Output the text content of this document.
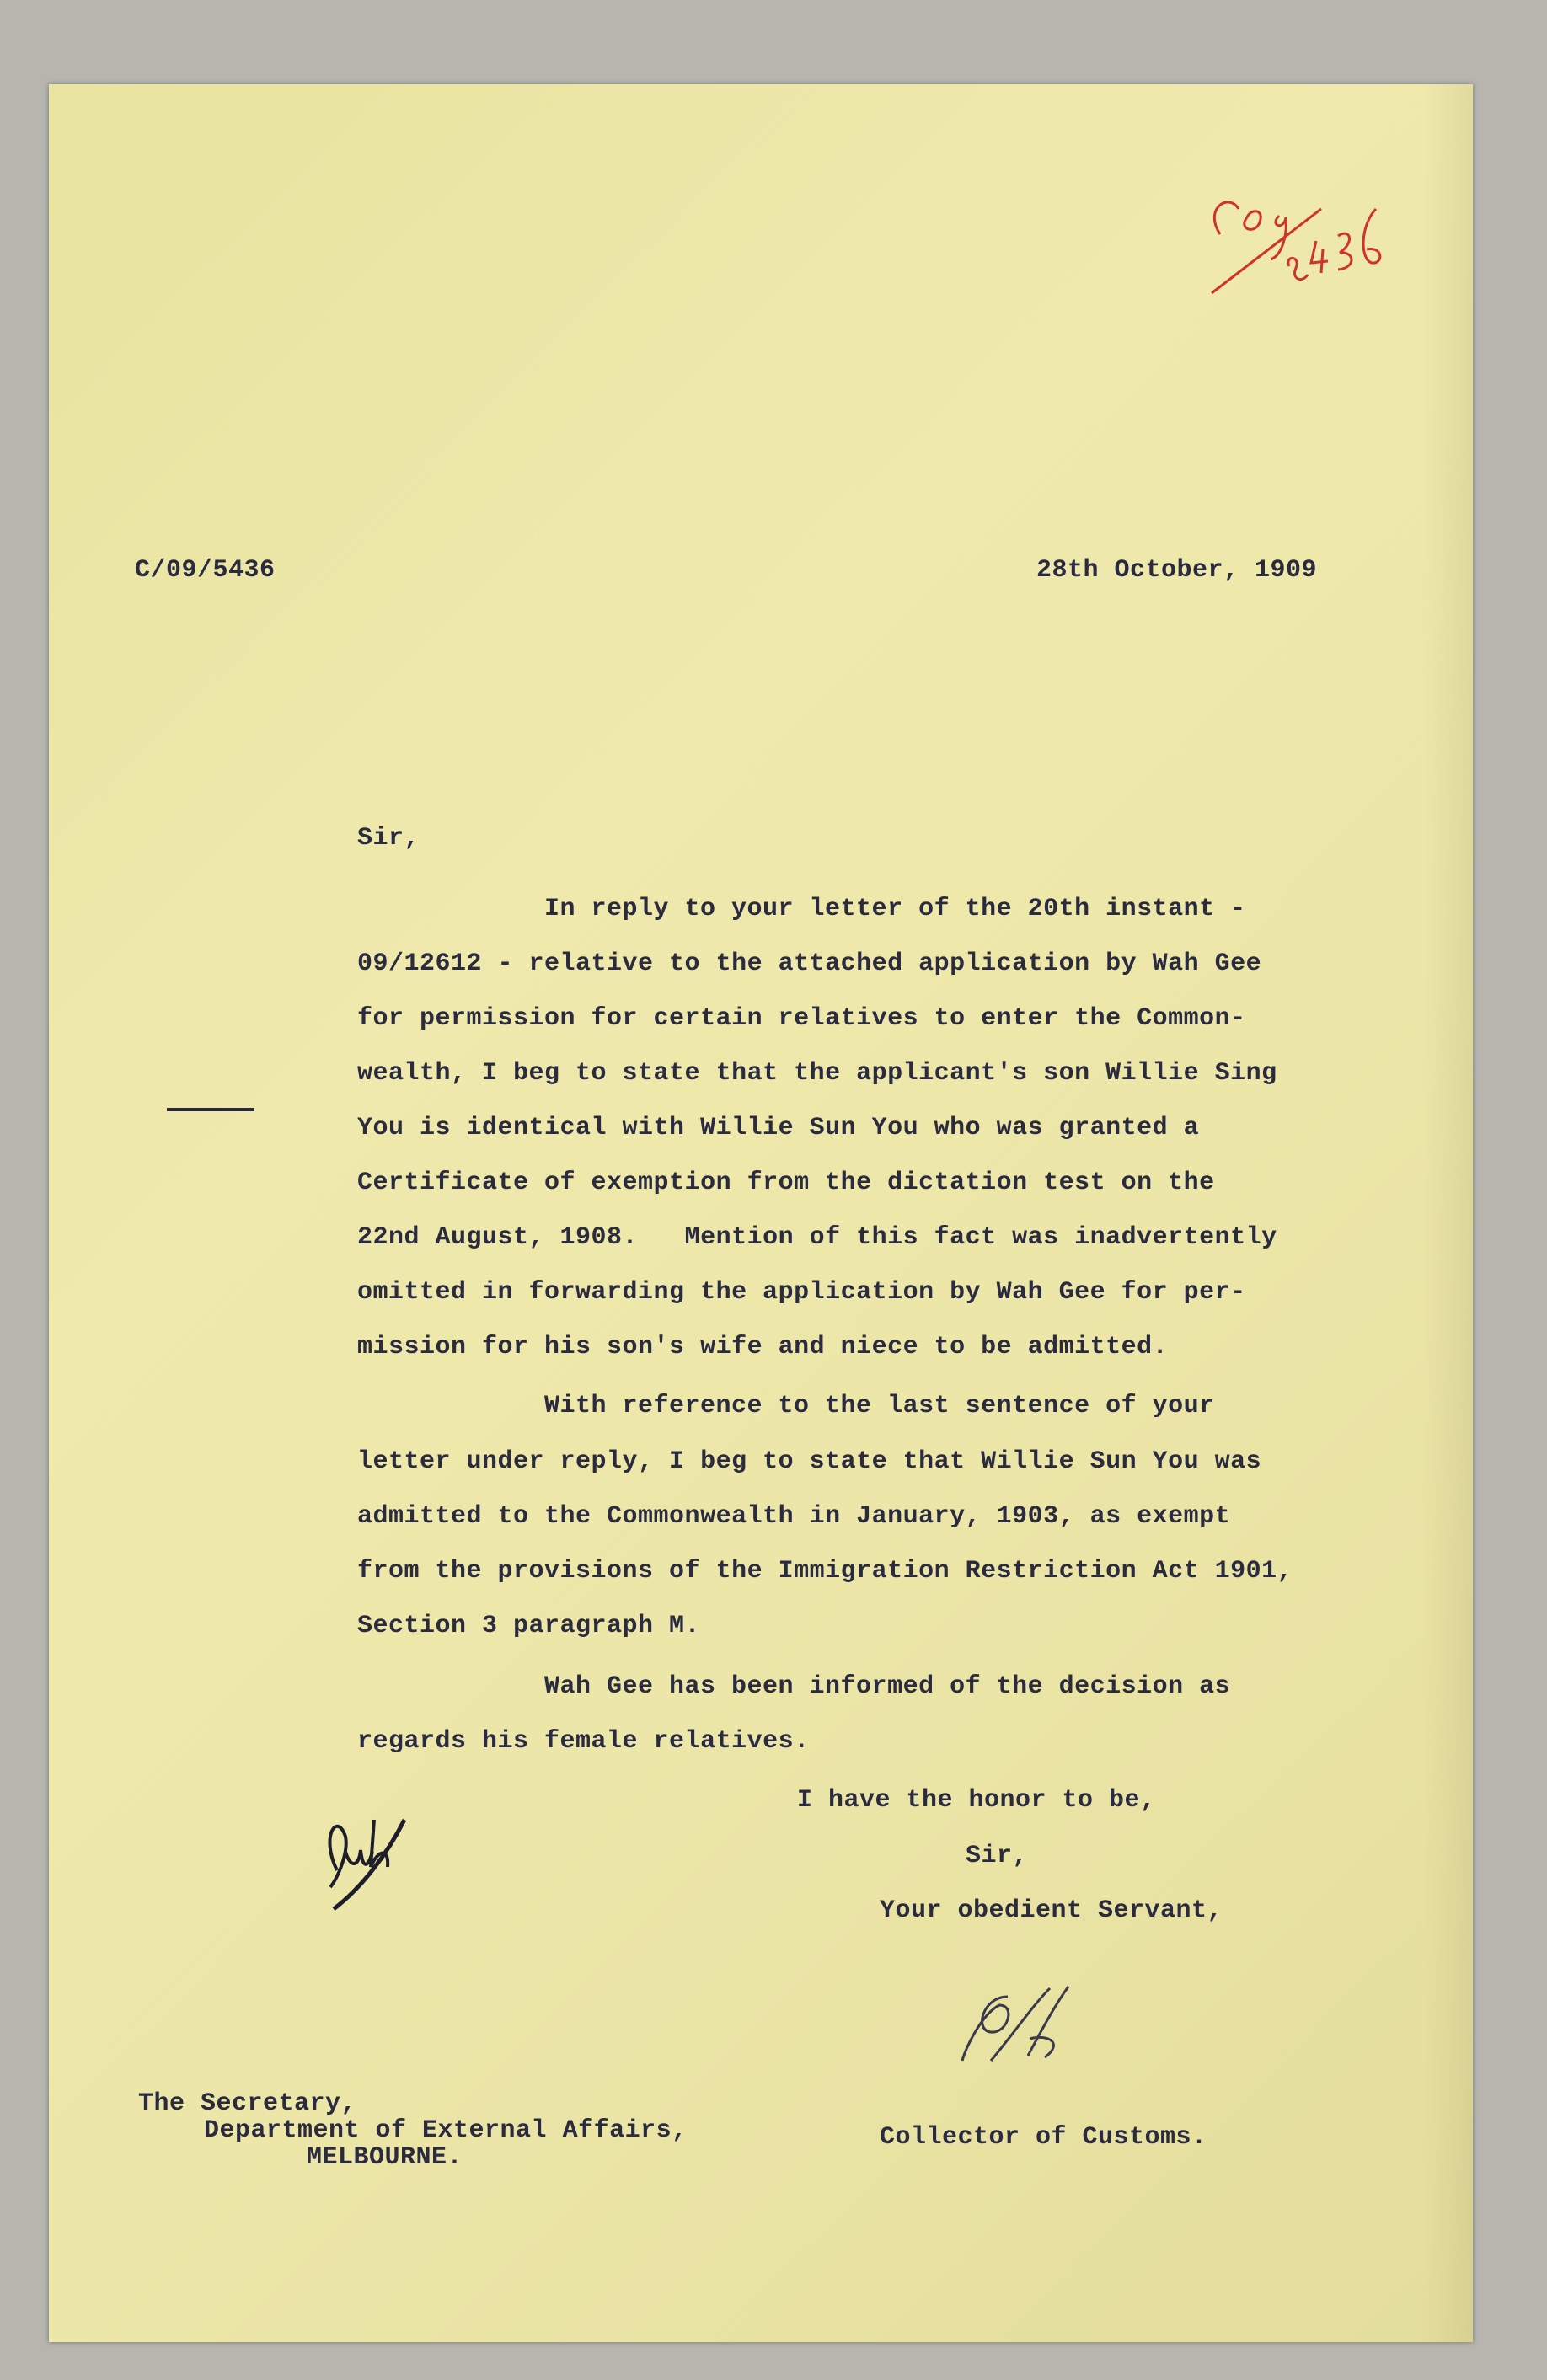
C/09/5436	28th October, 1909
Sir,
In reply to your letter of the 20th instant -
09/12612 - relative to the attached application by Wah Gee
for permission for certain relatives to enter the Common-
wealth, I beg to state that the applicant's son Willie Sing
You is identical with Willie Sun You who was granted a
Certificate of exemption from the dictation test on the
22nd August, 1908.   Mention of this fact was inadvertently
omitted in forwarding the application by Wah Gee for per-
mission for his son's wife and niece to be admitted.
With reference to the last sentence of your
letter under reply, I beg to state that Willie Sun You was
admitted to the Commonwealth in January, 1903, as exempt
from the provisions of the Immigration Restriction Act 1901,
Section 3 paragraph M.
Wah Gee has been informed of the decision as
regards his female relatives.
I have the honor to be,
Sir,
Your obedient Servant,
The Secretary,
Department of External Affairs,
MELBOURNE.
Collector of Customs.
